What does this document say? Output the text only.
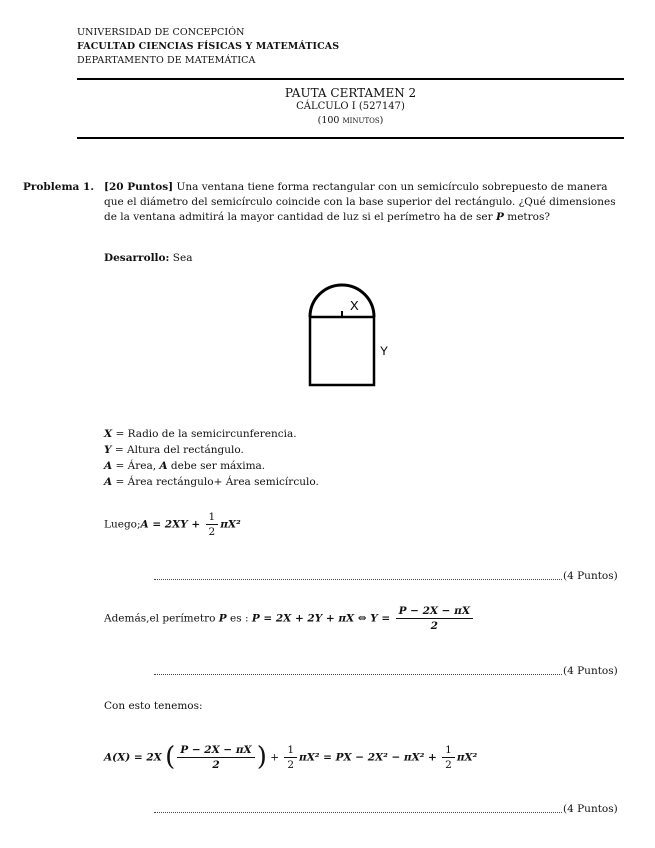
UNIVERSIDAD DE CONCEPCIÓN
FACULTAD CIENCIAS FÍSICAS Y MATEMÁTICAS
DEPARTAMENTO DE MATEMÁTICA
PAUTA CERTAMEN 2
CÁLCULO I (527147)
(100 minutos)
Problema 1. [20 Puntos] Una ventana tiene forma rectangular con un semicírculo sobrepuesto de manera
que el diámetro del semicírculo coincide con la base superior del rectángulo. ¿Qué dimensiones
de la ventana admitirá la mayor cantidad de luz si el perímetro ha de ser P metros?
Desarrollo: Sea
X
Y
X = Radio de la semicircunferencia.
Y = Altura del rectángulo.
A = Área, A debe ser máxima.
A = Área rectángulo+ Área semicírculo.
Luego;A = $2XY + \frac{1}{2} \pi X^2$
(4 Puntos)
Además,el perímetro P es : P = 2X + 2Y + πX ⇔ $Y = \frac{P - 2X - \pi X}{2}$
(4 Puntos)
Con esto tenemos:
A(X) = 2X ( $\frac{P - 2X - \pi X}{2}$ ) + $\frac{1}{2} \pi X^2$ = PX − $2X^2 - \pi X^2 + \frac{1}{2} \pi X^2$
(4 Puntos)
